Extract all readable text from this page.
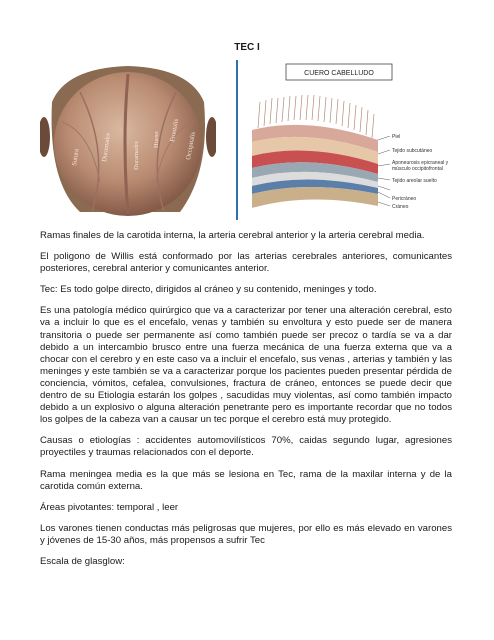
TEC I
Frontalis
Occipitalis
Duramadre
Hueso
Duramadre
Sutura
CUERO CABELLUDO
Piel
Tejido subcutáneo
Aponeurosis epicraneal y
músculo occipitofrontal
Tejido areolar suelto
Pericráneo
Cráneo

Ramas finales de la carotida interna, la arteria cerebral anterior y la arteria cerebral media.

El poligono de Willis está conformado por las arterias cerebrales anteriores, comunicantes posteriores, cerebral anterior y comunicantes anterior.

Tec: Es todo golpe directo, dirigidos al cráneo y su contenido, meninges y todo.

Es una patología médico quirúrgico que va a caracterizar por tener una alteración cerebral, esto va a incluir lo que es el encefalo, venas y también su envoltura y esto puede ser de manera transitoria o puede ser permanente así como también puede ser precoz o tardía se va a dar debido a un intercambio brusco entre una fuerza mecánica de una fuerza externa que va a chocar con el cerebro y en este caso va a incluir el encefalo, sus venas , arterias y también y las meninges y este también se va a caracterizar porque los pacientes pueden presentar pérdida de conciencia, vómitos, cefalea, convulsiones, fractura de cráneo, entonces se puede decir que dentro de su Etiologia estarán los golpes , sacudidas muy violentas, así como también impacto debido a un explosivo o alguna alteración penetrante pero es importante recordar que no todos los golpes de la cabeza van a causar un tec porque el cerebro está muy protegido.

Causas o etiologías : accidentes automovilísticos 70%, caidas segundo lugar, agresiones proyectiles y traumas relacionados con el deporte.

Rama meningea media es la que más se lesiona en Tec, rama de la maxilar interna y de la carotida común externa.

Áreas pivotantes: temporal , leer

Los varones tienen conductas más peligrosas que mujeres, por ello es más elevado en varones y jóvenes de 15-30 años, más propensos a sufrir Tec

Escala de glasglow:
